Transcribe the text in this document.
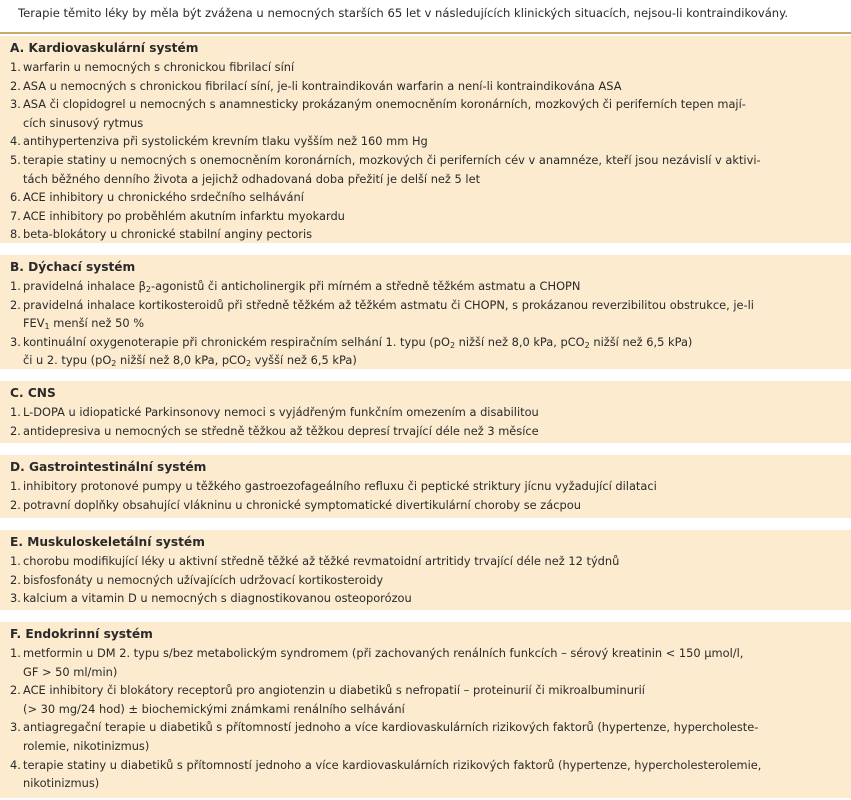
Terapie těmito léky by měla být zvážena u nemocných starších 65 let v následujících klinických situacích, nejsou-li kontraindikovány.
A. Kardiovaskulární systém
1. warfarin u nemocných s chronickou fibrilací síní
2. ASA u nemocných s chronickou fibrilací síní, je-li kontraindikován warfarin a není-li kontraindikována ASA
3. ASA či clopidogrel u nemocných s anamnesticky prokázaným onemocněním koronárních, mozkových či periferních tepen mají-
cích sinusový rytmus
4. antihypertenziva při systolickém krevním tlaku vyšším než 160 mm Hg
5. terapie statiny u nemocných s onemocněním koronárních, mozkových či periferních cév v anamnéze, kteří jsou nezávislí v aktivi-
tách běžného denního života a jejichž odhadovaná doba přežití je delší než 5 let
6. ACE inhibitory u chronického srdečního selhávání
7. ACE inhibitory po proběhlém akutním infarktu myokardu
8. beta-blokátory u chronické stabilní anginy pectoris
B. Dýchací systém
1. pravidelná inhalace $\beta_2$-agonistů či anticholinergik při mírném a středně těžkém astmatu a CHOPN
2. pravidelná inhalace kortikosteroidů při středně těžkém až těžkém astmatu či CHOPN, s prokázanou reverzibilitou obstrukce, je-li
$FEV_1$ menší než 50 %
3. kontinuální oxygenoterapie při chronickém respiračním selhání 1. typu ($pO_2$ nižší než 8,0 kPa, pCO$_2$ nižší než 6,5 kPa)
či u 2. typu ($pO_2$ nižší než 8,0 kPa, pCO$_2$ vyšší než 6,5 kPa)
C. CNS
1. L-DOPA u idiopatické Parkinsonovy nemoci s vyjádřeným funkčním omezením a disabilitou
2. antidepresiva u nemocných se středně těžkou až těžkou depresí trvající déle než 3 měsíce
D. Gastrointestinální systém
1. inhibitory protonové pumpy u těžkého gastroezofageálního refluxu či peptické striktury jícnu vyžadující dilataci
2. potravní doplňky obsahující vlákninu u chronické symptomatické divertikulární choroby se zácpou
E. Muskuloskeletální systém
1. chorobu modifikující léky u aktivní středně těžké až těžké revmatoidní artritidy trvající déle než 12 týdnů
2. bisfosfonáty u nemocných užívajících udržovací kortikosteroidy
3. kalcium a vitamin D u nemocných s diagnostikovanou osteoporózou
F. Endokrinní systém
1. metformin u DM 2. typu s/bez metabolickým syndromem (při zachovaných renálních funkcích – sérový kreatinin < 150 µmol/l,
GF > 50 ml/min)
2. ACE inhibitory či blokátory receptorů pro angiotenzin u diabetiků s nefropatií – proteinurií či mikroalbuminurií
(> 30 mg/24 hod) ± biochemickými známkami renálního selhávání
3. antiagregační terapie u diabetiků s přítomností jednoho a více kardiovaskulárních rizikových faktorů (hypertenze, hypercholeste-
rolemie, nikotinizmus)
4. terapie statiny u diabetiků s přítomností jednoho a více kardiovaskulárních rizikových faktorů (hypertenze, hypercholesterolemie,
nikotinizmus)
